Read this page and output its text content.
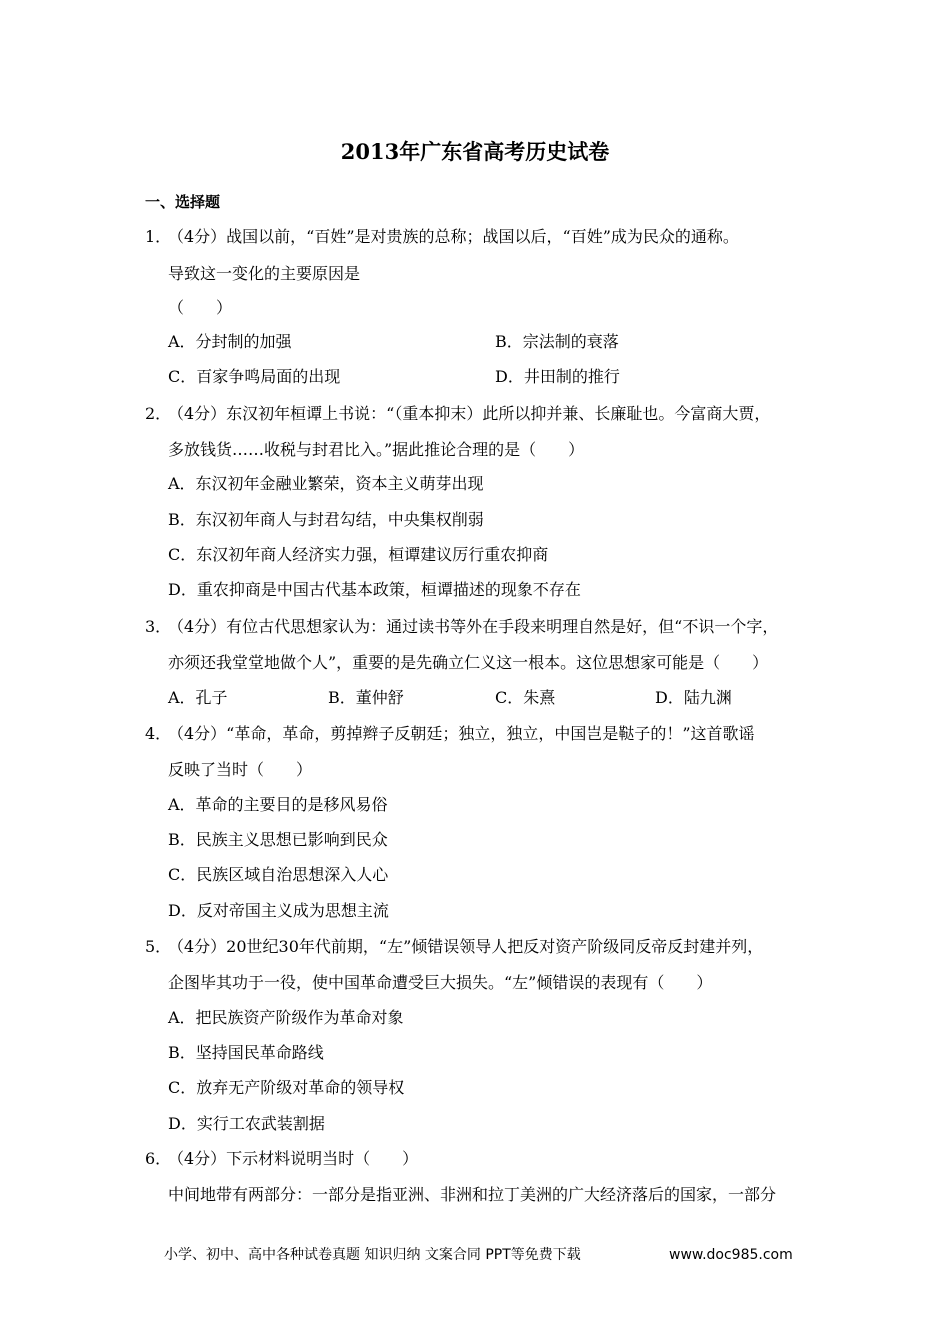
2013年广东省高考历史试卷
一、选择题
1．
（4分）战国以前，“百姓”是对贵族的总称；战国以后，“百姓”成为民众的通称。
导致这一变化的主要原因是
（　　）
A．分封制的加强	B．宗法制的衰落
C．百家争鸣局面的出现	D．井田制的推行
2．
（4分）东汉初年桓谭上书说：“（重本抑末）此所以抑并兼、长廉耻也。今富商大贾，
多放钱货……收税与封君比入。”据此推论合理的是（　　）
A．东汉初年金融业繁荣，资本主义萌芽出现
B．东汉初年商人与封君勾结，中央集权削弱
C．东汉初年商人经济实力强，桓谭建议厉行重农抑商
D．重农抑商是中国古代基本政策，桓谭描述的现象不存在
3．
（4分）有位古代思想家认为：通过读书等外在手段来明理自然是好，但“不识一个字，
亦须还我堂堂地做个人”，重要的是先确立仁义这一根本。这位思想家可能是（　　）
A．孔子	B．董仲舒	C．朱熹	D．陆九渊
4．
（4分）“革命，革命，剪掉辫子反朝廷；独立，独立，中国岂是鞑子的！”这首歌谣
反映了当时（　　）
A．革命的主要目的是移风易俗
B．民族主义思想已影响到民众
C．民族区域自治思想深入人心
D．反对帝国主义成为思想主流
5．
（4分）20世纪30年代前期，“左”倾错误领导人把反对资产阶级同反帝反封建并列，
企图毕其功于一役，使中国革命遭受巨大损失。“左”倾错误的表现有（　　）
A．把民族资产阶级作为革命对象
B．坚持国民革命路线
C．放弃无产阶级对革命的领导权
D．实行工农武装割据
6．
（4分）下示材料说明当时（　　）
中间地带有两部分：一部分是指亚洲、非洲和拉丁美洲的广大经济落后的国家，一部分
小学、初中、高中各种试卷真题 知识归纳 文案合同 PPT等免费下载	www.doc985.com
